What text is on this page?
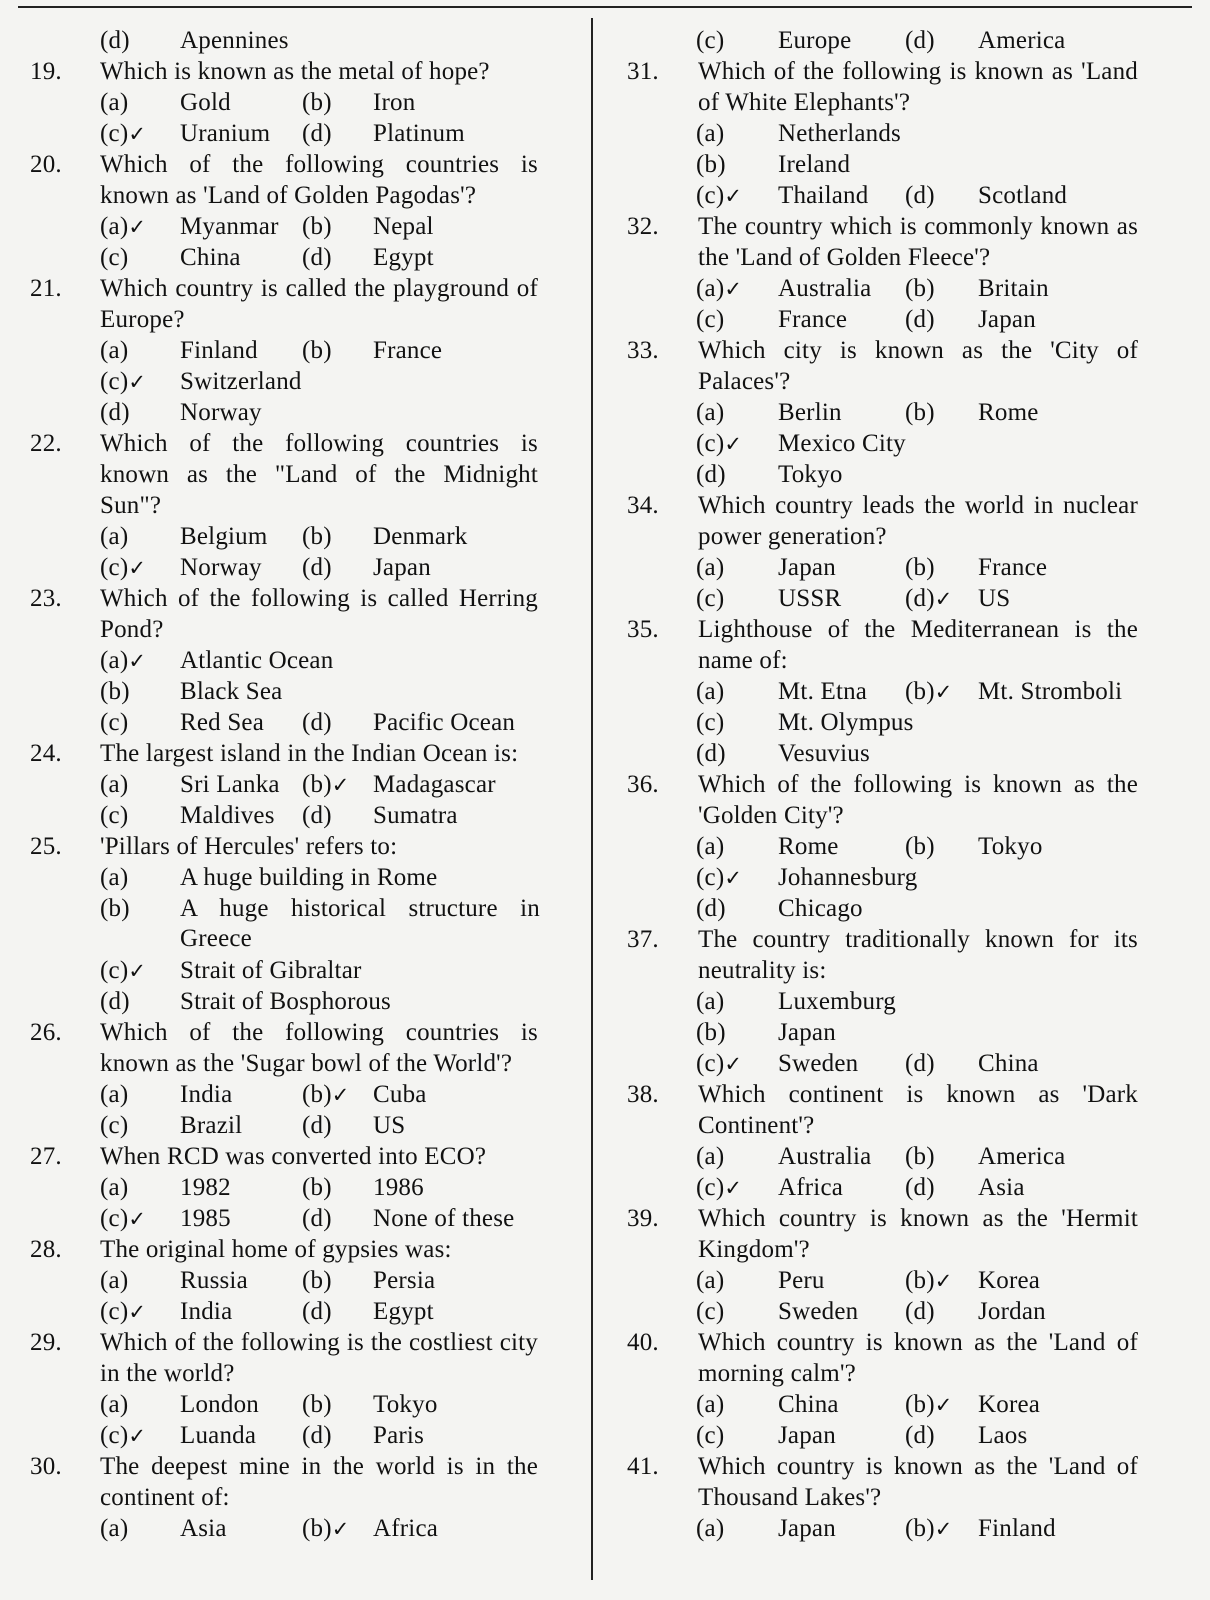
(d) Apennines
19. Which is known as the metal of hope?
(a) Gold	(b) Iron
(c)✓ Uranium (d) Platinum
20. Which of the following countries is
known as 'Land of Golden Pagodas'?
(a)✓ Myanmar (b) Nepal
(c) China (d) Egypt
21. Which country is called the playground of
Europe?
(a) Finland (b) France
(c)✓ Switzerland
(d) Norway
22. Which of the following countries is
known as the "Land of the Midnight
Sun"?
(a) Belgium (b) Denmark
(c)✓ Norway (d) Japan
23. Which of the following is called Herring
Pond?
(a)✓ Atlantic Ocean
(b) Black Sea
(c) Red Sea (d) Pacific Ocean
24. The largest island in the Indian Ocean is:
(a) Sri Lanka (b)✓ Madagascar
(c) Maldives (d) Sumatra
25. 'Pillars of Hercules' refers to:
(a) A huge building in Rome
(b) A huge historical structure in Greece
(c)✓ Strait of Gibraltar
(d) Strait of Bosphorous
26. Which of the following countries is
known as the 'Sugar bowl of the World'?
(a) India	(b)✓ Cuba
(c) Brazil (d) US
27. When RCD was converted into ECO?
(a) 1982	(b) 1986
(c)✓ 1985	(d) None of these
28. The original home of gypsies was:
(a) Russia (b) Persia
(c)✓ India	(d) Egypt
29. Which of the following is the costliest city
in the world?
(a) London (b) Tokyo
(c)✓ Luanda (d) Paris
30. The deepest mine in the world is in the
continent of:
(a) Asia	(b)✓ Africa
(c) Europe (d) America
31. Which of the following is known as 'Land
of White Elephants'?
(a) Netherlands
(b) Ireland
(c)✓ Thailand (d) Scotland
32. The country which is commonly known as
the 'Land of Golden Fleece'?
(a)✓ Australia (b) Britain
(c) France (d) Japan
33. Which city is known as the 'City of
Palaces'?
(a) Berlin	(b) Rome
(c)✓ Mexico City
(d) Tokyo
34. Which country leads the world in nuclear
power generation?
(a) Japan	(b) France
(c) USSR	(d)✓ US
35. Lighthouse of the Mediterranean is the
name of:
(a) Mt. Etna (b)✓ Mt. Stromboli
(c) Mt. Olympus
(d) Vesuvius
36. Which of the following is known as the
'Golden City'?
(a) Rome	(b) Tokyo
(c)✓ Johannesburg
(d) Chicago
37. The country traditionally known for its
neutrality is:
(a) Luxemburg
(b) Japan
(c)✓ Sweden (d) China
38. Which continent is known as 'Dark
Continent'?
(a) Australia (b) America
(c)✓ Africa (d) Asia
39. Which country is known as the 'Hermit
Kingdom'?
(a) Peru	(b)✓ Korea
(c) Sweden (d) Jordan
40. Which country is known as the 'Land of
morning calm'?
(a) China	(b)✓ Korea
(c) Japan	(d) Laos
41. Which country is known as the 'Land of
Thousand Lakes'?
(a) Japan	(b)✓ Finland
